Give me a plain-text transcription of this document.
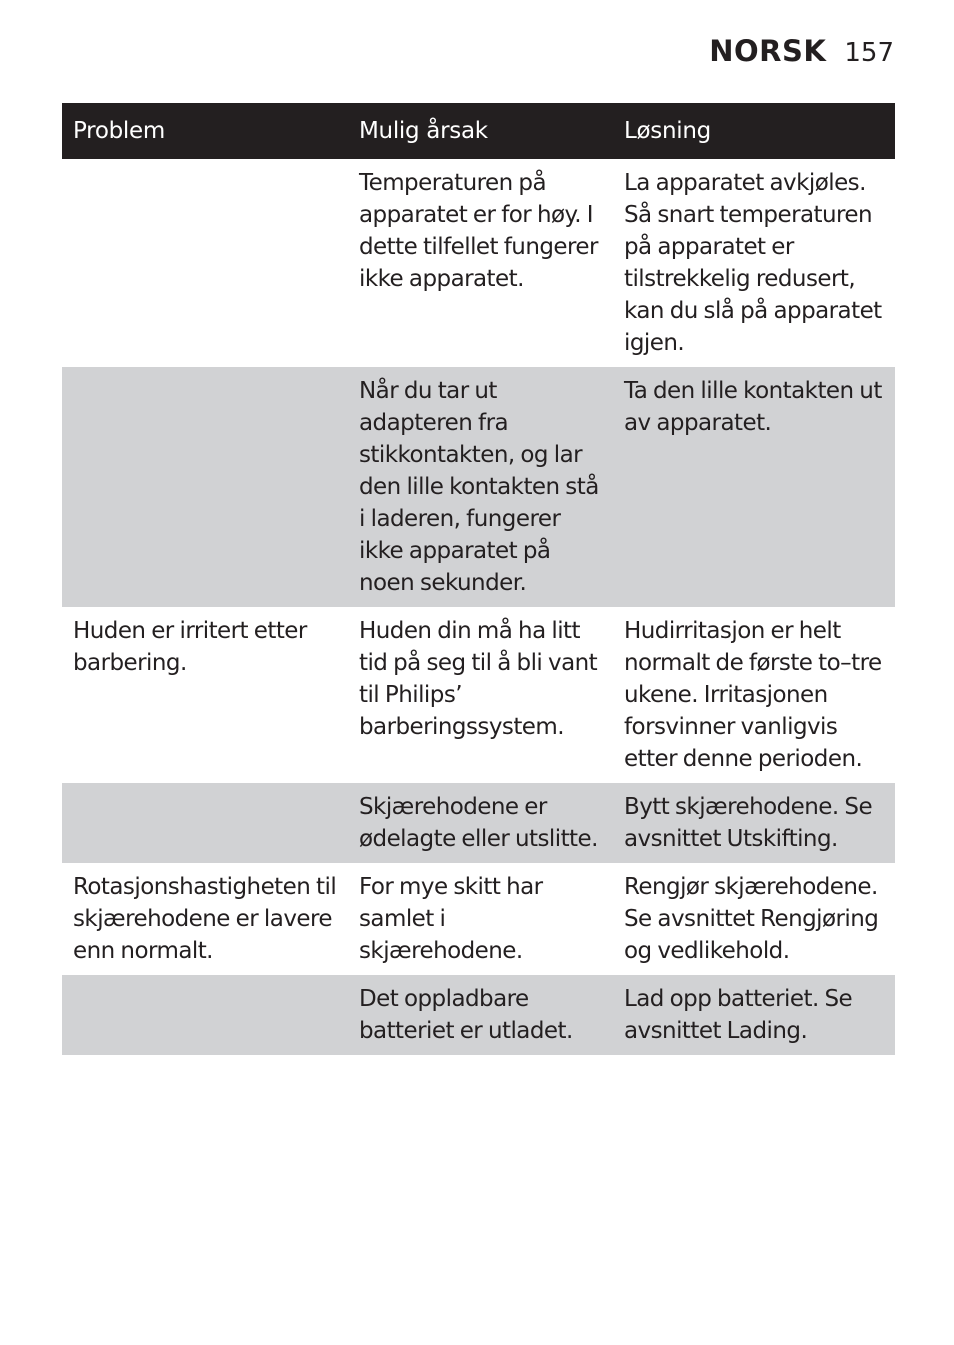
NORSK 157
Problem	Mulig årsak	Løsning
	Temperaturen på apparatet er for høy. I dette tilfellet fungerer ikke apparatet.	La apparatet avkjøles. Så snart temperaturen på apparatet er tilstrekkelig redusert, kan du slå på apparatet igjen.
	Når du tar ut adapteren fra stikkontakten, og lar den lille kontakten stå i laderen, fungerer ikke apparatet på noen sekunder.	Ta den lille kontakten ut av apparatet.
Huden er irritert etter barbering.	Huden din må ha litt tid på seg til å bli vant til Philips’ barberingssystem.	Hudirritasjon er helt normalt de første to–tre ukene. Irritasjonen forsvinner vanligvis etter denne perioden.
	Skjærehodene er ødelagte eller utslitte.	Bytt skjærehodene. Se avsnittet Utskifting.
Rotasjonshastigheten til skjærehodene er lavere enn normalt.	For mye skitt har samlet i skjærehodene.	Rengjør skjærehodene. Se avsnittet Rengjøring og vedlikehold.
	Det oppladbare batteriet er utladet.	Lad opp batteriet. Se avsnittet Lading.
